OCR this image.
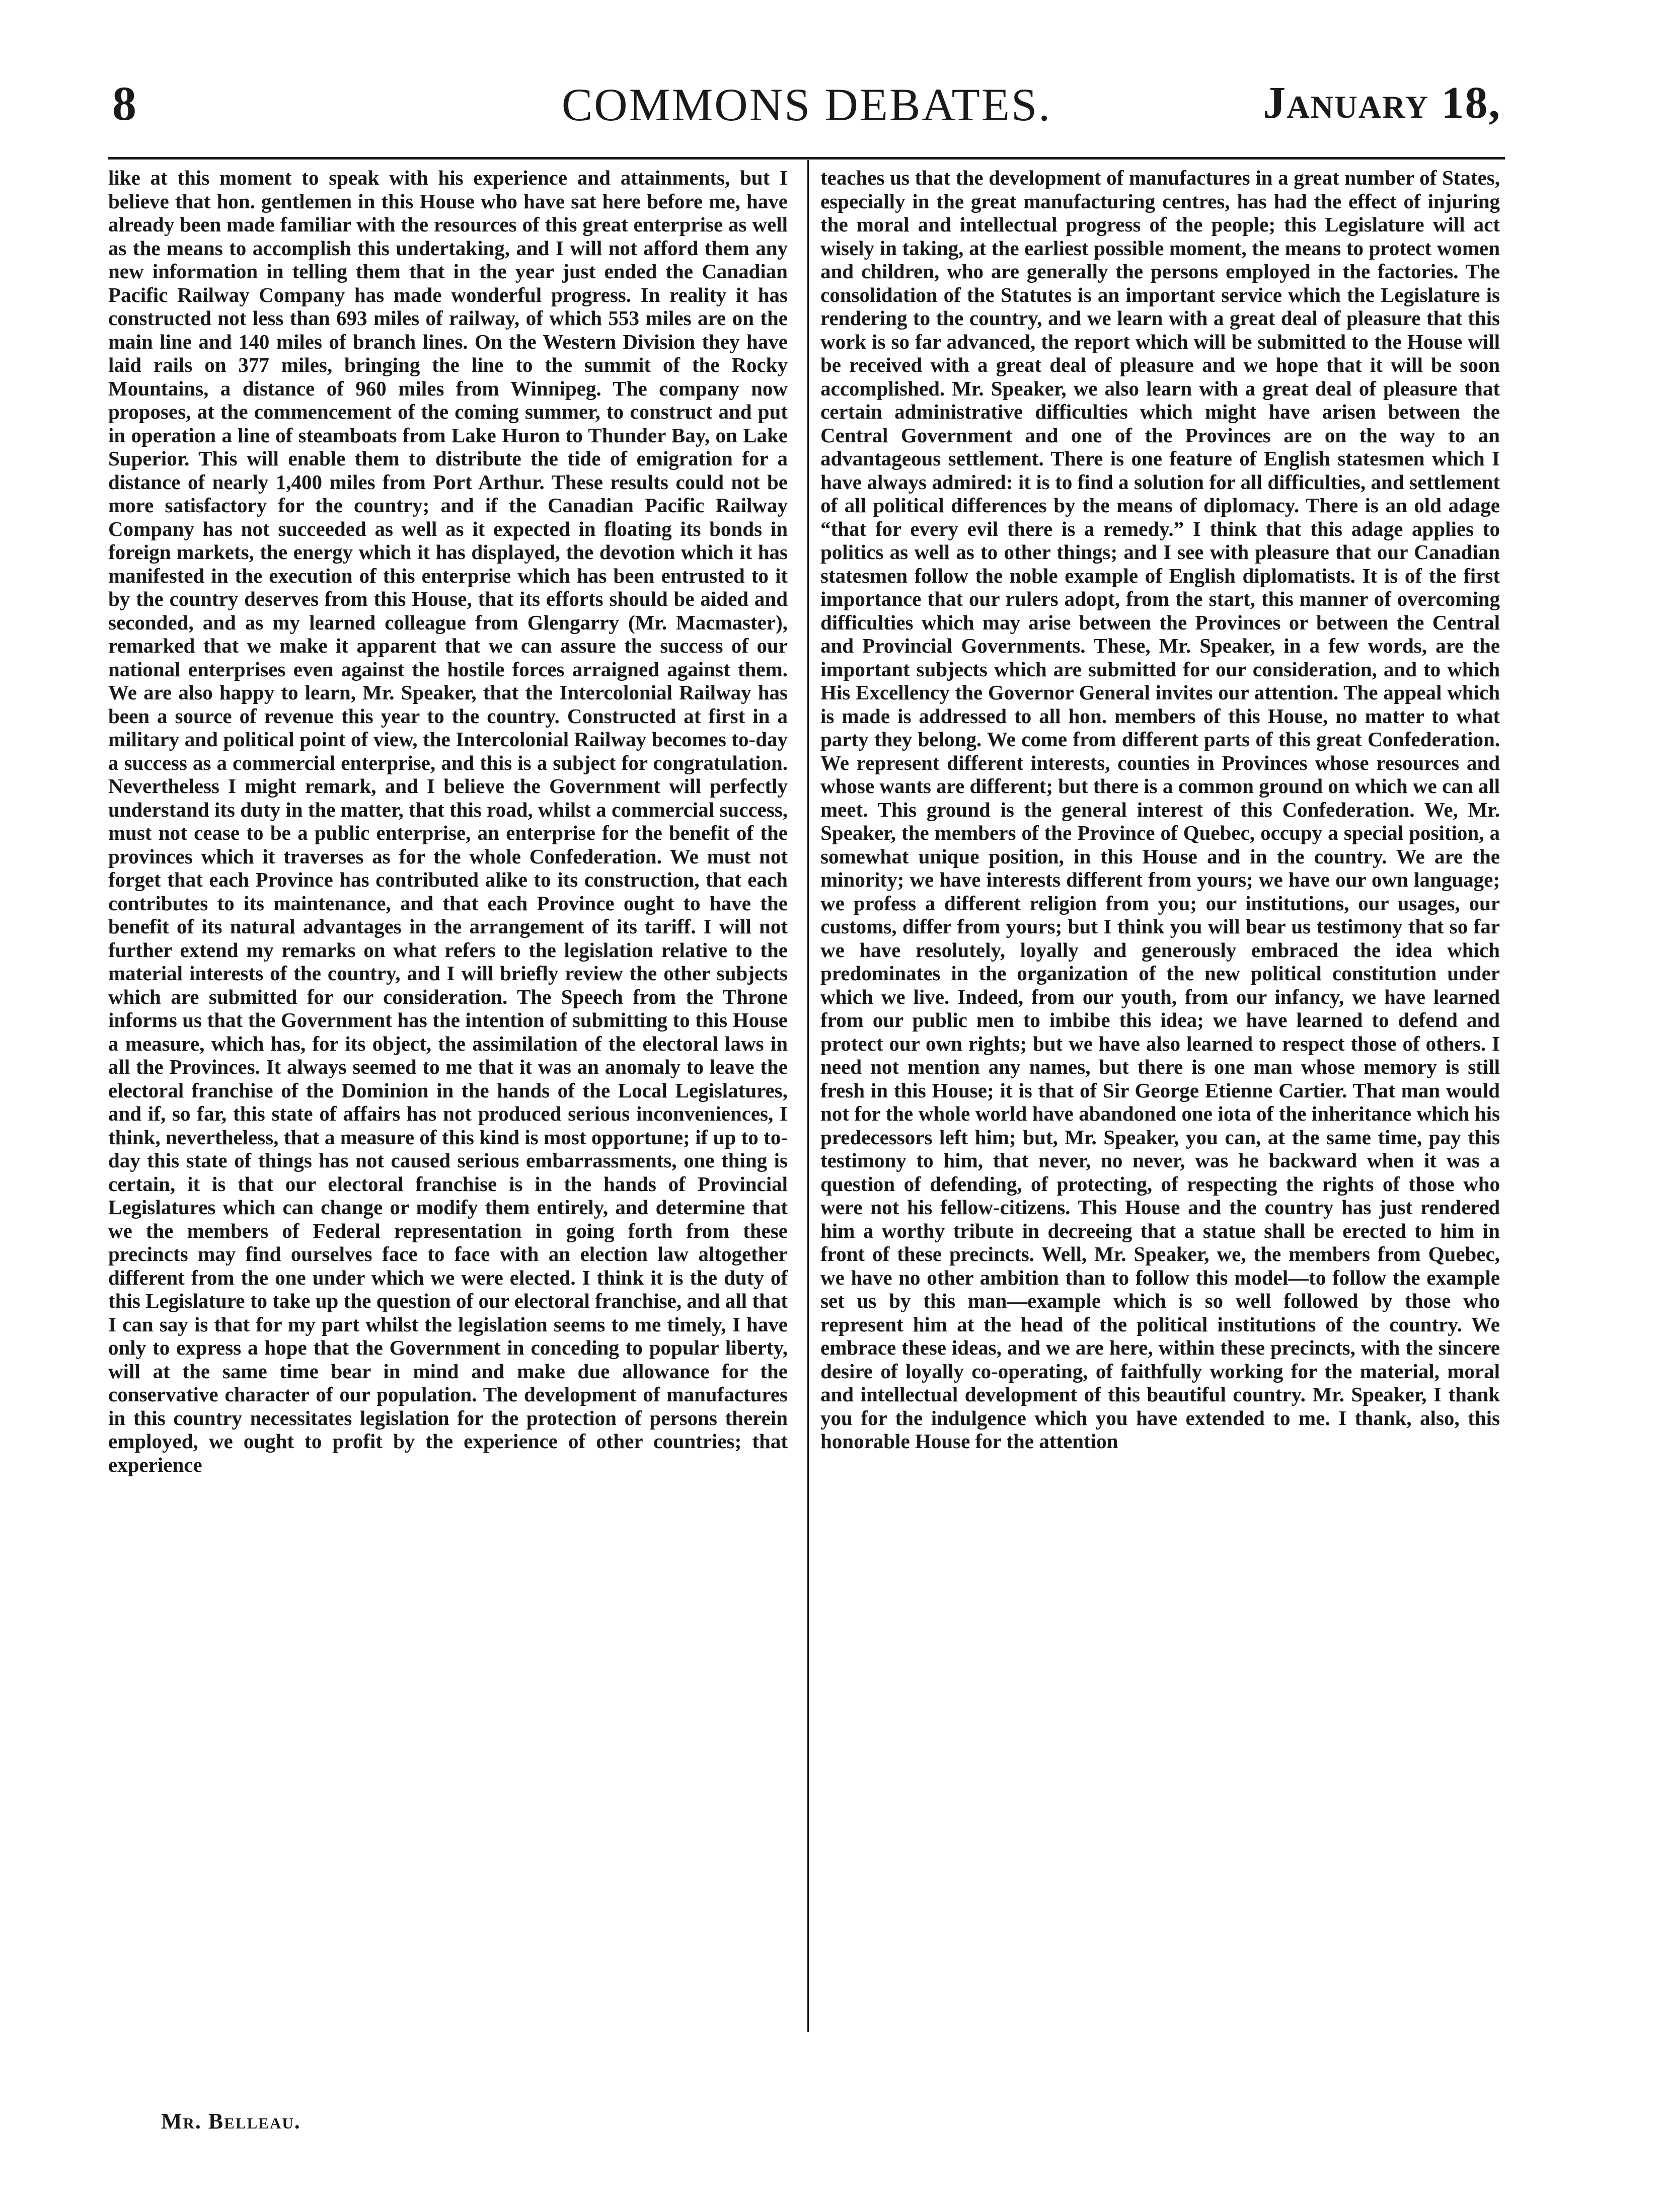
8	COMMONS DEBATES.	January 18,

like at this moment to speak with his experience and attainments, but I believe that hon. gentlemen in this House who have sat here before me, have already been made familiar with the resources of this great enterprise as well as the means to accomplish this undertaking, and I will not afford them any new information in telling them that in the year just ended the Canadian Pacific Railway Company has made wonderful progress. In reality it has constructed not less than 693 miles of railway, of which 553 miles are on the main line and 140 miles of branch lines. On the Western Division they have laid rails on 377 miles, bringing the line to the summit of the Rocky Mountains, a distance of 960 miles from Winnipeg. The company now proposes, at the commencement of the coming summer, to construct and put in operation a line of steamboats from Lake Huron to Thunder Bay, on Lake Superior. This will enable them to distribute the tide of emigration for a distance of nearly 1,400 miles from Port Arthur. These results could not be more satisfactory for the country; and if the Canadian Pacific Railway Company has not succeeded as well as it expected in floating its bonds in foreign markets, the energy which it has displayed, the devotion which it has manifested in the execution of this enterprise which has been entrusted to it by the country deserves from this House, that its efforts should be aided and seconded, and as my learned colleague from Glengarry (Mr. Macmaster), remarked that we make it apparent that we can assure the success of our national enterprises even against the hostile forces arraigned against them. We are also happy to learn, Mr. Speaker, that the Intercolonial Railway has been a source of revenue this year to the country. Constructed at first in a military and political point of view, the Intercolonial Railway becomes to-day a success as a commercial enterprise, and this is a subject for congratulation. Nevertheless I might remark, and I believe the Government will perfectly understand its duty in the matter, that this road, whilst a commercial success, must not cease to be a public enterprise, an enterprise for the benefit of the provinces which it traverses as for the whole Confederation. We must not forget that each Province has contributed alike to its construction, that each contributes to its maintenance, and that each Province ought to have the benefit of its natural advantages in the arrangement of its tariff. I will not further extend my remarks on what refers to the legislation relative to the material interests of the country, and I will briefly review the other subjects which are submitted for our consideration. The Speech from the Throne informs us that the Government has the intention of submitting to this House a measure, which has, for its object, the assimilation of the electoral laws in all the Provinces. It always seemed to me that it was an anomaly to leave the electoral franchise of the Dominion in the hands of the Local Legislatures, and if, so far, this state of affairs has not produced serious inconveniences, I think, nevertheless, that a measure of this kind is most opportune; if up to to-day this state of things has not caused serious embarrassments, one thing is certain, it is that our electoral franchise is in the hands of Provincial Legislatures which can change or modify them entirely, and determine that we the members of Federal representation in going forth from these precincts may find ourselves face to face with an election law altogether different from the one under which we were elected. I think it is the duty of this Legislature to take up the question of our electoral franchise, and all that I can say is that for my part whilst the legislation seems to me timely, I have only to express a hope that the Government in conceding to popular liberty, will at the same time bear in mind and make due allowance for the conservative character of our population. The development of manufactures in this country necessitates legislation for the protection of persons therein employed, we ought to profit by the experience of other countries; that experience

teaches us that the development of manufactures in a great number of States, especially in the great manufacturing centres, has had the effect of injuring the moral and intellectual progress of the people; this Legislature will act wisely in taking, at the earliest possible moment, the means to protect women and children, who are generally the persons employed in the factories. The consolidation of the Statutes is an important service which the Legislature is rendering to the country, and we learn with a great deal of pleasure that this work is so far advanced, the report which will be submitted to the House will be received with a great deal of pleasure and we hope that it will be soon accomplished. Mr. Speaker, we also learn with a great deal of pleasure that certain administrative difficulties which might have arisen between the Central Government and one of the Provinces are on the way to an advantageous settlement. There is one feature of English statesmen which I have always admired: it is to find a solution for all difficulties, and settlement of all political differences by the means of diplomacy. There is an old adage “that for every evil there is a remedy.” I think that this adage applies to politics as well as to other things; and I see with pleasure that our Canadian statesmen follow the noble example of English diplomatists. It is of the first importance that our rulers adopt, from the start, this manner of overcoming difficulties which may arise between the Provinces or between the Central and Provincial Governments. These, Mr. Speaker, in a few words, are the important subjects which are submitted for our consideration, and to which His Excellency the Governor General invites our attention. The appeal which is made is addressed to all hon. members of this House, no matter to what party they belong. We come from different parts of this great Confederation. We represent different interests, counties in Provinces whose resources and whose wants are different; but there is a common ground on which we can all meet. This ground is the general interest of this Confederation. We, Mr. Speaker, the members of the Province of Quebec, occupy a special position, a somewhat unique position, in this House and in the country. We are the minority; we have interests different from yours; we have our own language; we profess a different religion from you; our institutions, our usages, our customs, differ from yours; but I think you will bear us testimony that so far we have resolutely, loyally and generously embraced the idea which predominates in the organization of the new political constitution under which we live. Indeed, from our youth, from our infancy, we have learned from our public men to imbibe this idea; we have learned to defend and protect our own rights; but we have also learned to respect those of others. I need not mention any names, but there is one man whose memory is still fresh in this House; it is that of Sir George Etienne Cartier. That man would not for the whole world have abandoned one iota of the inheritance which his predecessors left him; but, Mr. Speaker, you can, at the same time, pay this testimony to him, that never, no never, was he backward when it was a question of defending, of protecting, of respecting the rights of those who were not his fellow-citizens. This House and the country has just rendered him a worthy tribute in decreeing that a statue shall be erected to him in front of these precincts. Well, Mr. Speaker, we, the members from Quebec, we have no other ambition than to follow this model—to follow the example set us by this man—example which is so well followed by those who represent him at the head of the political institutions of the country. We embrace these ideas, and we are here, within these precincts, with the sincere desire of loyally co-operating, of faithfully working for the material, moral and intellectual development of this beautiful country. Mr. Speaker, I thank you for the indulgence which you have extended to me. I thank, also, this honorable House for the attention

Mr. Belleau.
